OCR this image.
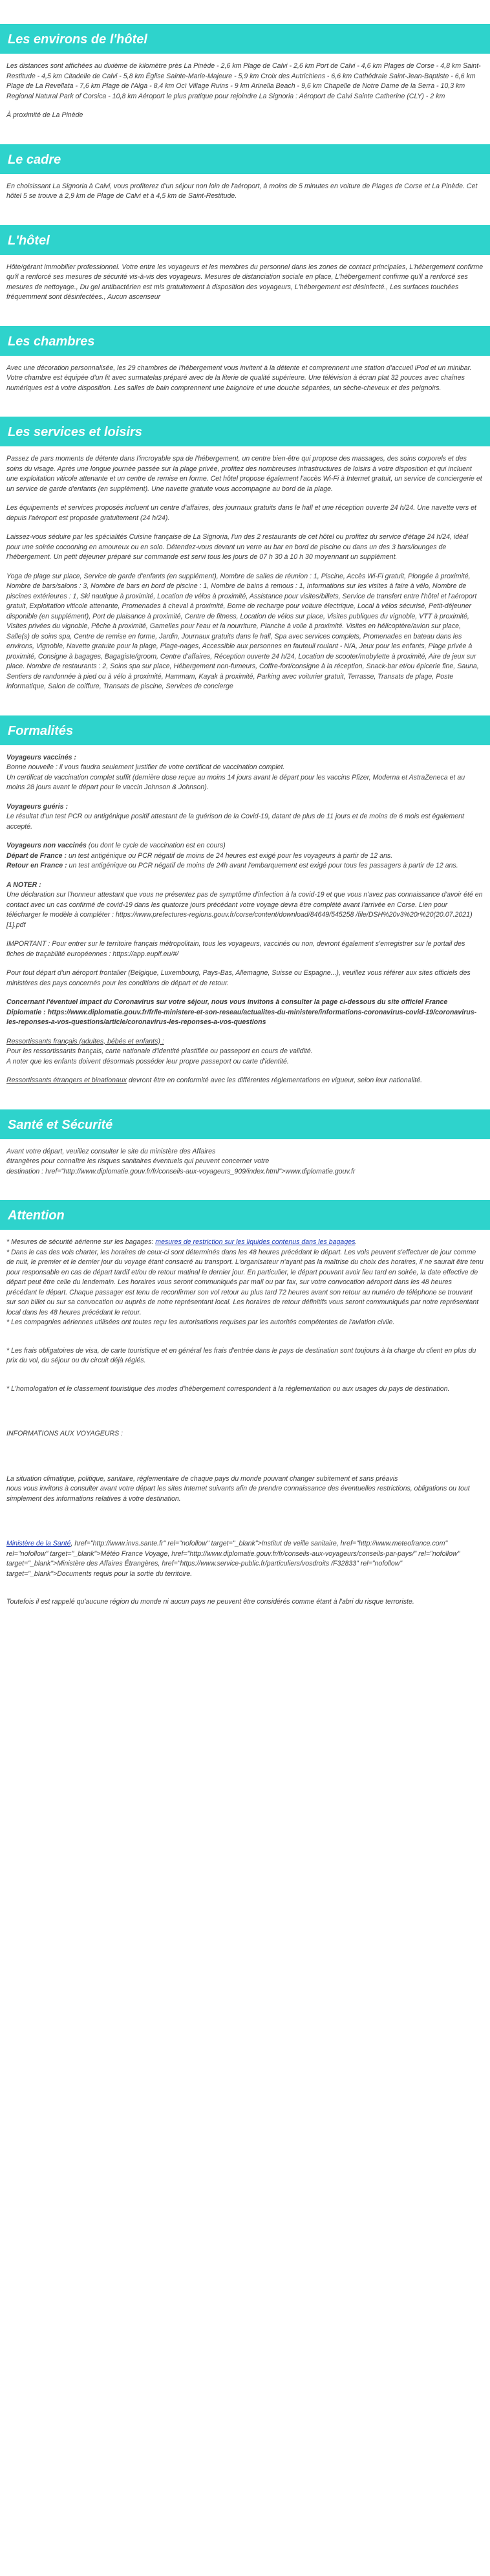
Les environs de l'hôtel

Les distances sont affichées au dixième de kilomètre près La Pinède - 2,6 km Plage de Calvi - 2,6 km Port de Calvi - 4,6 km Plages de Corse - 4,8 km Saint-Restitude - 4,5 km Citadelle de Calvi - 5,8 km Église Sainte-Marie-Majeure - 5,9 km Croix des Autrichiens - 6,6 km Cathédrale Saint-Jean-Baptiste - 6,6 km Plage de La Revellata - 7,6 km Plage de l'Alga - 8,4 km Ocì Village Ruins - 9 km Arinella Beach - 9,6 km Chapelle de Notre Dame de la Serra - 10,3 km Regional Natural Park of Corsica - 10,8 km Aéroport le plus pratique pour rejoindre La Signoria : Aéroport de Calvi Sainte Catherine (CLY) - 2 km

À proximité de La Pinède

Le cadre

En choisissant La Signoria à Calvi, vous profiterez d'un séjour non loin de l'aéroport, à moins de 5 minutes en voiture de Plages de Corse et La Pinède. Cet hôtel 5 se trouve à 2,9 km de Plage de Calvi et à 4,5 km de Saint-Restitude.

L'hôtel

Hôte/gérant immobilier professionnel. Votre entre les voyageurs et les membres du personnel dans les zones de contact principales, L'hébergement confirme qu'il a renforcé ses mesures de sécurité vis-à-vis des voyageurs. Mesures de distanciation sociale en place, L'hébergement confirme qu'il a renforcé ses mesures de nettoyage., Du gel antibactérien est mis gratuitement à disposition des voyageurs, L'hébergement est désinfecté., Les surfaces touchées fréquemment sont désinfectées., Aucun ascenseur

Les chambres

Avec une décoration personnalisée, les 29 chambres de l'hébergement vous invitent à la détente et comprennent une station d'accueil iPod et un minibar. Votre chambre est équipée d'un lit avec surmatelas préparé avec de la literie de qualité supérieure. Une télévision à écran plat 32 pouces avec chaînes numériques est à votre disposition. Les salles de bain comprennent une baignoire et une douche séparées, un sèche-cheveux et des peignoirs.

Les services et loisirs

Passez de pars moments de détente dans l'incroyable spa de l'hébergement, un centre bien-être qui propose des massages, des soins corporels et des soins du visage. Après une longue journée passée sur la plage privée, profitez des nombreuses infrastructures de loisirs à votre disposition et qui incluent une exploitation viticole attenante et un centre de remise en forme. Cet hôtel propose également l'accès Wi-Fi à Internet gratuit, un service de conciergerie et un service de garde d'enfants (en supplément). Une navette gratuite vous accompagne au bord de la plage.

Les équipements et services proposés incluent un centre d'affaires, des journaux gratuits dans le hall et une réception ouverte 24 h/24. Une navette vers et depuis l'aéroport est proposée gratuitement (24 h/24).

Laissez-vous séduire par les spécialités Cuisine française de La Signoria, l'un des 2 restaurants de cet hôtel ou profitez du service d'étage 24 h/24, idéal pour une soirée cocooning en amoureux ou en solo. Détendez-vous devant un verre au bar en bord de piscine ou dans un des 3 bars/lounges de l'hébergement. Un petit déjeuner préparé sur commande est servi tous les jours de 07 h 30 à 10 h 30 moyennant un supplément.

Yoga de plage sur place, Service de garde d'enfants (en supplément), Nombre de salles de réunion : 1, Piscine, Accès Wi-Fi gratuit, Plongée à proximité, Nombre de bars/salons : 3, Nombre de bars en bord de piscine : 1, Nombre de bains à remous : 1, Informations sur les visites à faire à vélo, Nombre de piscines extérieures : 1, Ski nautique à proximité, Location de vélos à proximité, Assistance pour visites/billets, Service de transfert entre l'hôtel et l'aéroport gratuit, Exploitation viticole attenante, Promenades à cheval à proximité, Borne de recharge pour voiture électrique, Local à vélos sécurisé, Petit-déjeuner disponible (en supplément), Port de plaisance à proximité, Centre de fitness, Location de vélos sur place, Visites publiques du vignoble, VTT à proximité, Visites privées du vignoble, Pêche à proximité, Gamelles pour l'eau et la nourriture, Planche à voile à proximité. Visites en hélicoptère/avion sur place, Salle(s) de soins spa, Centre de remise en forme, Jardin, Journaux gratuits dans le hall, Spa avec services complets, Promenades en bateau dans les environs, Vignoble, Navette gratuite pour la plage, Plage-nages, Accessible aux personnes en fauteuil roulant - N/A, Jeux pour les enfants, Plage privée à proximité, Consigne à bagages, Bagagiste/groom, Centre d'affaires, Réception ouverte 24 h/24, Location de scooter/mobylette à proximité, Aire de jeux sur place. Nombre de restaurants : 2, Soins spa sur place, Hébergement non-fumeurs, Coffre-fort/consigne à la réception, Snack-bar et/ou épicerie fine, Sauna, Sentiers de randonnée à pied ou à vélo à proximité, Hammam, Kayak à proximité, Parking avec voiturier gratuit, Terrasse, Transats de plage, Poste informatique, Salon de coiffure, Transats de piscine, Services de concierge

Formalités

Voyageurs vaccinés :
Bonne nouvelle : il vous faudra seulement justifier de votre certificat de vaccination complet.
Un certificat de vaccination complet suffit (dernière dose reçue au moins 14 jours avant le départ pour les vaccins Pfizer, Moderna et AstraZeneca et au moins 28 jours avant le départ pour le vaccin Johnson & Johnson).

Voyageurs guéris :
Le résultat d'un test PCR ou antigénique positif attestant de la guérison de la Covid-19, datant de plus de 11 jours et de moins de 6 mois est également accepté.

Voyageurs non vaccinés (ou dont le cycle de vaccination est en cours)
Départ de France : un test antigénique ou PCR négatif de moins de 24 heures est exigé pour les voyageurs à partir de 12 ans.
Retour en France : un test antigénique ou PCR négatif de moins de 24h avant l'embarquement est exigé pour tous les passagers à partir de 12 ans.

A NOTER :
Une déclaration sur l'honneur attestant que vous ne présentez pas de symptôme d'infection à la covid-19 et que vous n'avez pas connaissance d'avoir été en contact avec un cas confirmé de covid-19 dans les quatorze jours précédant votre voyage devra être complété avant l'arrivée en Corse. Lien pour télécharger le modèle à compléter : https://www.prefectures-regions.gouv.fr/corse/content/download/84649/545258 /file/DSH%20v3%20r%20(20.07.2021)[1].pdf

IMPORTANT : Pour entrer sur le territoire français métropolitain, tous les voyageurs, vaccinés ou non, devront également s'enregistrer sur le portail des fiches de traçabilité européennes : https://app.euplf.eu/#/

Pour tout départ d'un aéroport frontalier (Belgique, Luxembourg, Pays-Bas, Allemagne, Suisse ou Espagne...), veuillez vous référer aux sites officiels des ministères des pays concernés pour les conditions de départ et de retour.

Concernant l'éventuel impact du Coronavirus sur votre séjour, nous vous invitons à consulter la page ci-dessous du site officiel France Diplomatie : https://www.diplomatie.gouv.fr/fr/le-ministere-et-son-reseau/actualites-du-ministere/informations-coronavirus-covid-19/coronavirus-les-reponses-a-vos-questions/article/coronavirus-les-reponses-a-vos-questions

Ressortissants français (adultes, bébés et enfants) :
Pour les ressortissants français, carte nationale d'identité plastifiée ou passeport en cours de validité.
A noter que les enfants doivent désormais posséder leur propre passeport ou carte d'identité.

Ressortissants étrangers et binationaux devront être en conformité avec les différentes réglementations en vigueur, selon leur nationalité.

Santé et Sécurité

Avant votre départ, veuillez consulter le site du ministère des Affaires
étrangères pour connaître les risques sanitaires éventuels qui peuvent concerner votre
destination : href="http://www.diplomatie.gouv.fr/fr/conseils-aux-voyageurs_909/index.html">www.diplomatie.gouv.fr

Attention

* Mesures de sécurité aérienne sur les bagages: mesures de restriction sur les liquides contenus dans les bagages.
* Dans le cas des vols charter, les horaires de ceux-ci sont déterminés dans les 48 heures précédant le départ. Les vols peuvent s'effectuer de jour comme de nuit, le premier et le dernier jour du voyage étant consacré au transport. L'organisateur n'ayant pas la maîtrise du choix des horaires, il ne saurait être tenu pour responsable en cas de départ tardif et/ou de retour matinal le dernier jour. En particulier, le départ pouvant avoir lieu tard en soirée, la date effective de départ peut être celle du lendemain. Les horaires vous seront communiqués par mail ou par fax, sur votre convocation aéroport dans les 48 heures précédant le départ. Chaque passager est tenu de reconfirmer son vol retour au plus tard 72 heures avant son retour au numéro de téléphone se trouvant sur son billet ou sur sa convocation ou auprès de notre représentant local. Les horaires de retour définitifs vous seront communiqués par notre représentant local dans les 48 heures précédant le retour.
* Les compagnies aériennes utilisées ont toutes reçu les autorisations requises par les autorités compétentes de l'aviation civile.

* Les frais obligatoires de visa, de carte touristique et en général les frais d'entrée dans le pays de destination sont toujours à la charge du client en plus du prix du vol, du séjour ou du circuit déjà réglés.

* L'homologation et le classement touristique des modes d'hébergement correspondent à la réglementation ou aux usages du pays de destination.

INFORMATIONS AUX VOYAGEURS :

La situation climatique, politique, sanitaire, réglementaire de chaque pays du monde pouvant changer subitement et sans préavis
nous vous invitons à consulter avant votre départ les sites Internet suivants afin de prendre connaissance des éventuelles restrictions, obligations ou tout simplement des informations relatives à votre destination.

Ministère de la Santé, href="http://www.invs.sante.fr" rel="nofollow" target="_blank">Institut de veille sanitaire, href="http://www.meteofrance.com" rel="nofollow" target="_blank">Météo France Voyage, href="http://www.diplomatie.gouv.fr/fr/conseils-aux-voyageurs/conseils-par-pays/" rel="nofollow" target="_blank">Ministère des Affaires Étrangères, href="https://www.service-public.fr/particuliers/vosdroits /F32833" rel="nofollow" target="_blank">Documents requis pour la sortie du territoire.

Toutefois il est rappelé qu'aucune région du monde ni aucun pays ne peuvent être considérés comme étant à l'abri du risque terroriste.
